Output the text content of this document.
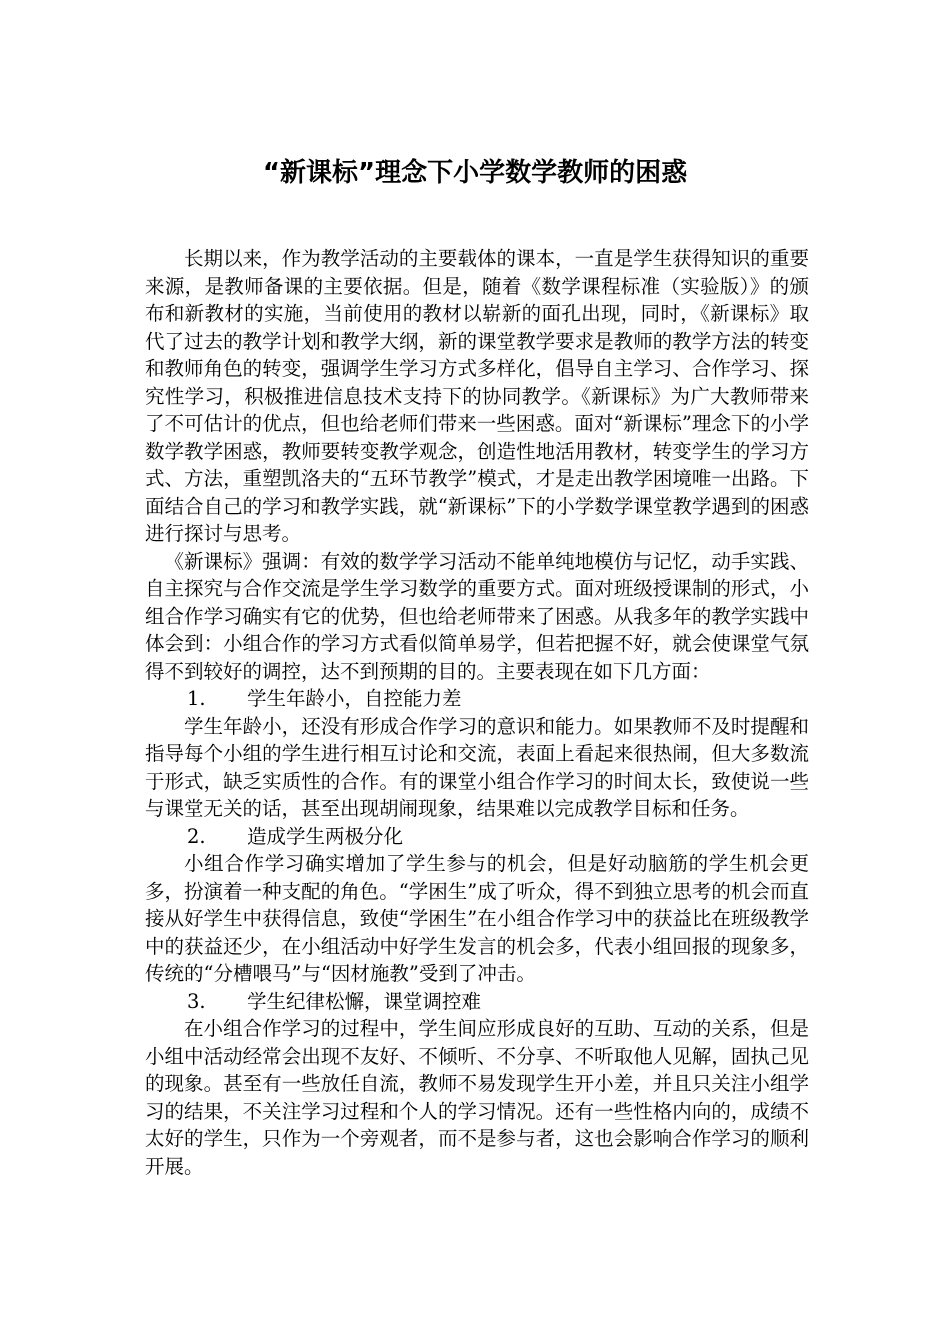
“新课标”理念下小学数学教师的困惑

长期以来，作为教学活动的主要载体的课本，一直是学生获得知识的重要来源，是教师备课的主要依据。但是，随着《数学课程标准（实验版）》的颁布和新教材的实施，当前使用的教材以崭新的面孔出现，同时，《新课标》取代了过去的教学计划和教学大纲，新的课堂教学要求是教师的教学方法的转变和教师角色的转变，强调学生学习方式多样化，倡导自主学习、合作学习、探究性学习，积极推进信息技术支持下的协同教学。《新课标》为广大教师带来了不可估计的优点，但也给老师们带来一些困惑。面对“新课标”理念下的小学数学教学困惑，教师要转变教学观念，创造性地活用教材，转变学生的学习方式、方法，重塑凯洛夫的“五环节教学”模式，才是走出教学困境唯一出路。下面结合自己的学习和教学实践，就“新课标”下的小学数学课堂教学遇到的困惑进行探讨与思考。

《新课标》强调：有效的数学学习活动不能单纯地模仿与记忆，动手实践、自主探究与合作交流是学生学习数学的重要方式。面对班级授课制的形式，小组合作学习确实有它的优势，但也给老师带来了困惑。从我多年的教学实践中体会到：小组合作的学习方式看似简单易学，但若把握不好，就会使课堂气氛得不到较好的调控，达不到预期的目的。主要表现在如下几方面：

1. 学生年龄小，自控能力差

学生年龄小，还没有形成合作学习的意识和能力。如果教师不及时提醒和指导每个小组的学生进行相互讨论和交流，表面上看起来很热闹，但大多数流于形式，缺乏实质性的合作。有的课堂小组合作学习的时间太长，致使说一些与课堂无关的话，甚至出现胡闹现象，结果难以完成教学目标和任务。

2. 造成学生两极分化

小组合作学习确实增加了学生参与的机会，但是好动脑筋的学生机会更多，扮演着一种支配的角色。“学困生”成了听众，得不到独立思考的机会而直接从好学生中获得信息，致使“学困生”在小组合作学习中的获益比在班级教学中的获益还少，在小组活动中好学生发言的机会多，代表小组回报的现象多，传统的“分槽喂马”与“因材施教”受到了冲击。

3. 学生纪律松懈，课堂调控难

在小组合作学习的过程中，学生间应形成良好的互助、互动的关系，但是小组中活动经常会出现不友好、不倾听、不分享、不听取他人见解，固执己见的现象。甚至有一些放任自流，教师不易发现学生开小差，并且只关注小组学习的结果，不关注学习过程和个人的学习情况。还有一些性格内向的，成绩不太好的学生，只作为一个旁观者，而不是参与者，这也会影响合作学习的顺利开展。
